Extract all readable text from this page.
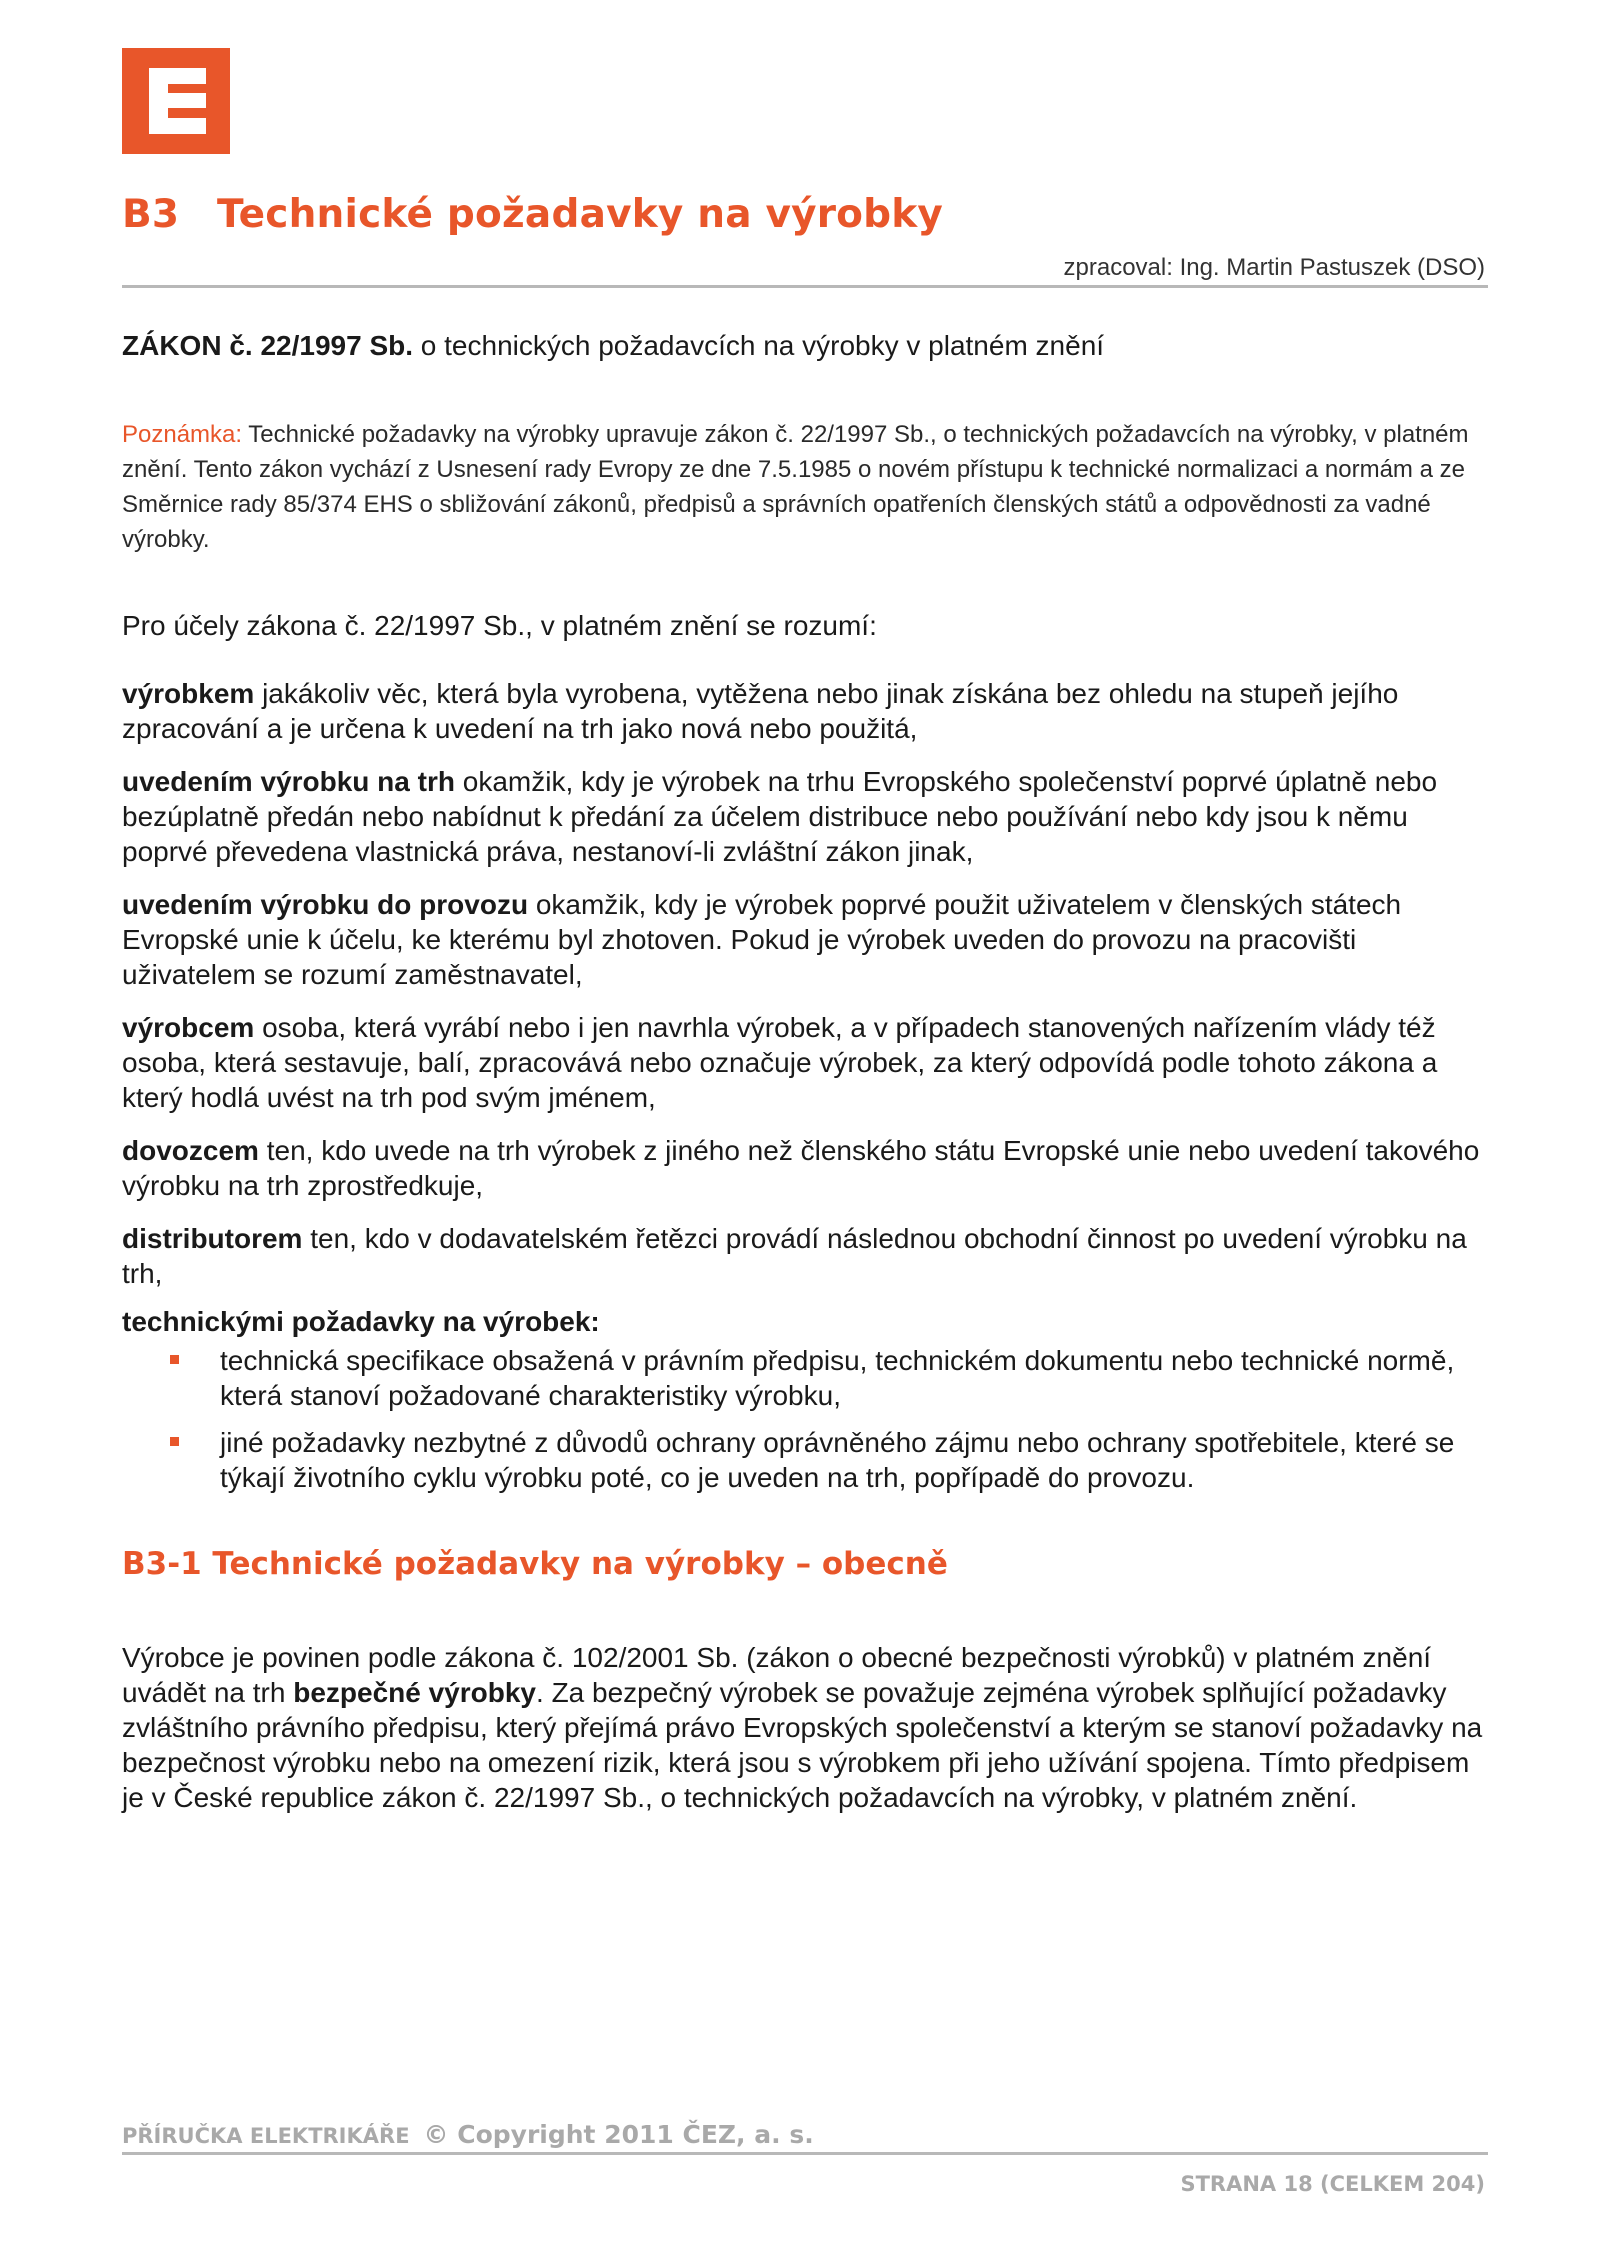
B3 Technické požadavky na výrobky
zpracoval: Ing. Martin Pastuszek (DSO)

ZÁKON č. 22/1997 Sb. o technických požadavcích na výrobky v platném znění

Poznámka: Technické požadavky na výrobky upravuje zákon č. 22/1997 Sb., o technických požadavcích na výrobky, v platném znění. Tento zákon vychází z Usnesení rady Evropy ze dne 7.5.1985 o novém přístupu k technické normalizaci a normám a ze Směrnice rady 85/374 EHS o sbližování zákonů, předpisů a správních opatřeních členských států a odpovědnosti za vadné výrobky.

Pro účely zákona č. 22/1997 Sb., v platném znění se rozumí:

výrobkem jakákoliv věc, která byla vyrobena, vytěžena nebo jinak získána bez ohledu na stupeň jejího zpracování a je určena k uvedení na trh jako nová nebo použitá,

uvedením výrobku na trh okamžik, kdy je výrobek na trhu Evropského společenství poprvé úplatně nebo bezúplatně předán nebo nabídnut k předání za účelem distribuce nebo používání nebo kdy jsou k němu poprvé převedena vlastnická práva, nestanoví-li zvláštní zákon jinak,

uvedením výrobku do provozu okamžik, kdy je výrobek poprvé použit uživatelem v členských státech Evropské unie k účelu, ke kterému byl zhotoven. Pokud je výrobek uveden do provozu na pracovišti uživatelem se rozumí zaměstnavatel,

výrobcem osoba, která vyrábí nebo i jen navrhla výrobek, a v případech stanovených nařízením vlády též osoba, která sestavuje, balí, zpracovává nebo označuje výrobek, za který odpovídá podle tohoto zákona a který hodlá uvést na trh pod svým jménem,

dovozcem ten, kdo uvede na trh výrobek z jiného než členského státu Evropské unie nebo uvedení takového výrobku na trh zprostředkuje,

distributorem ten, kdo v dodavatelském řetězci provádí následnou obchodní činnost po uvedení výrobku na trh,

technickými požadavky na výrobek:

technická specifikace obsažená v právním předpisu, technickém dokumentu nebo technické normě, která stanoví požadované charakteristiky výrobku,
jiné požadavky nezbytné z důvodů ochrany oprávněného zájmu nebo ochrany spotřebitele, které se týkají životního cyklu výrobku poté, co je uveden na trh, popřípadě do provozu.
B3-1 Technické požadavky na výrobky – obecně

Výrobce je povinen podle zákona č. 102/2001 Sb. (zákon o obecné bezpečnosti výrobků) v platném znění uvádět na trh bezpečné výrobky. Za bezpečný výrobek se považuje zejména výrobek splňující požadavky zvláštního právního předpisu, který přejímá právo Evropských společenství a kterým se stanoví požadavky na bezpečnost výrobku nebo na omezení rizik, která jsou s výrobkem při jeho užívání spojena. Tímto předpisem je v České republice zákon č. 22/1997 Sb., o technických požadavcích na výrobky, v platném znění.

PŘÍRUČKA ELEKTRIKÁŘE © Copyright 2011 ČEZ, a. s.
STRANA 18 (CELKEM 204)
